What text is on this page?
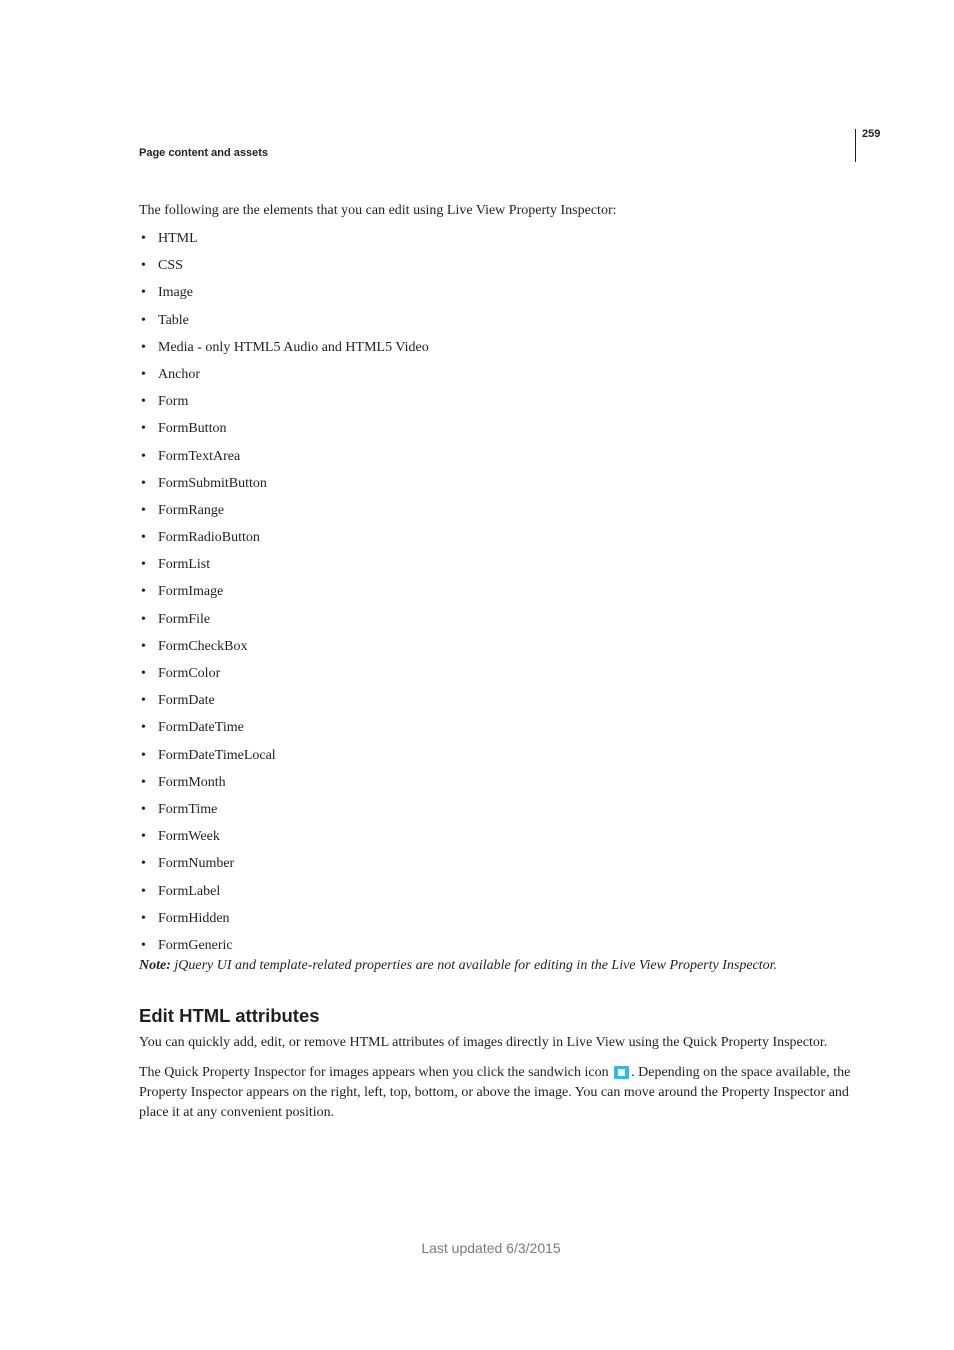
259
Page content and assets

The following are the elements that you can edit using Live View Property Inspector:

• HTML
• CSS
• Image
• Table
• Media - only HTML5 Audio and HTML5 Video
• Anchor
• Form
• FormButton
• FormTextArea
• FormSubmitButton
• FormRange
• FormRadioButton
• FormList
• FormImage
• FormFile
• FormCheckBox
• FormColor
• FormDate
• FormDateTime
• FormDateTimeLocal
• FormMonth
• FormTime
• FormWeek
• FormNumber
• FormLabel
• FormHidden
• FormGeneric

Note: jQuery UI and template-related properties are not available for editing in the Live View Property Inspector.

Edit HTML attributes

You can quickly add, edit, or remove HTML attributes of images directly in Live View using the Quick Property Inspector.

The Quick Property Inspector for images appears when you click the sandwich icon . Depending on the space available, the Property Inspector appears on the right, left, top, bottom, or above the image. You can move around the Property Inspector and place it at any convenient position.

Last updated 6/3/2015
